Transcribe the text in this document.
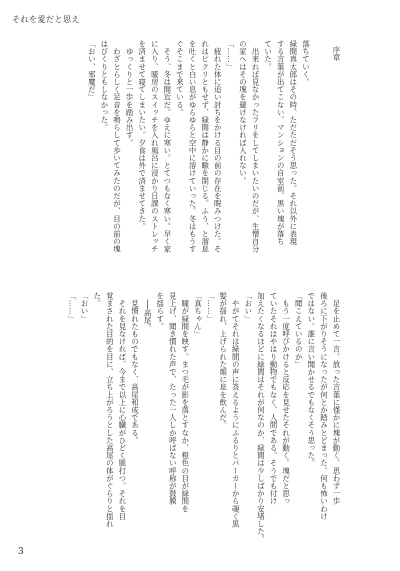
それを愛だと思え
序章
落ちていく。
緑間真太郎はその時、ただただそう思った。それ以外に表現
する言葉が出てこない。マンションの自室前、黒い塊が落ち
ていた。
　出来れば見なかったフリをしてしまいたいのだが、生憎自分
の家へはその塊を避けなければ入れない。
「……」
　疲れた体に追い討ちをかける目の前の存在を睨みつけた。そ
れはピクリともせず、緑間は静かに瞼を閉じる。ふう、と溜息
を吐くと白い息がゆらゆらと空中に溶けていった。冬はもうす
ぐそこまで来ている。
　そう、冬は間近だ。ゆえに寒い。とてつもなく寒い。早く家
に入り、暖房のスイッチを入れ風呂に浸かり日課のストレッチ
を済ませて寝てしまいたい。夕食は外で済ませてきた。
　ゆっくりと一歩を踏み出す。
　わざとらしく足音を鳴らして歩いてみたのだが、目の前の塊
はぴくりともしなかった。
「おい、邪魔だ」
　足を止めて一言。放った言葉に僅かに塊が動く。思わず一歩
後ろに下がりそうになったが何とか踏みとどまった。何も怖いわけ
ではない。誰に言い聞かせるでもなくそう思った。
「聞こえているのか」
　もう一度呼びかけると反応を見せたそれが動く。塊だと思っ
ていたそれはやはり動物でもなく、人間である。そうでも付け
加えたくなるほどに緑間はそれが何なのか、緑間は少しばかり安堵した。
「おい」
　やがてそれは緑間の声に答えるようにふるりとパーカーから覗く黒
髪が揺れ、上げられた顔に息を飲んだ。
「……」
「真ちゃん」
　瞳が緑間を映す。まつ毛が影を落とすなか、橙色の目が緑間を
見上げ、聞き慣れた声で、たった一人しか呼ばない呼称が鼓膜
を揺らす。
　──高尾。
　見慣れたものでもなく、高尾和成である。
　それを見なければ、今まで以上に心臓がひどく脈打つ。それを目
覚まされた目的を目に、立ち上がろうとした高尾の体がぐらりと揺れ
た。
「おい」
「……」
3
